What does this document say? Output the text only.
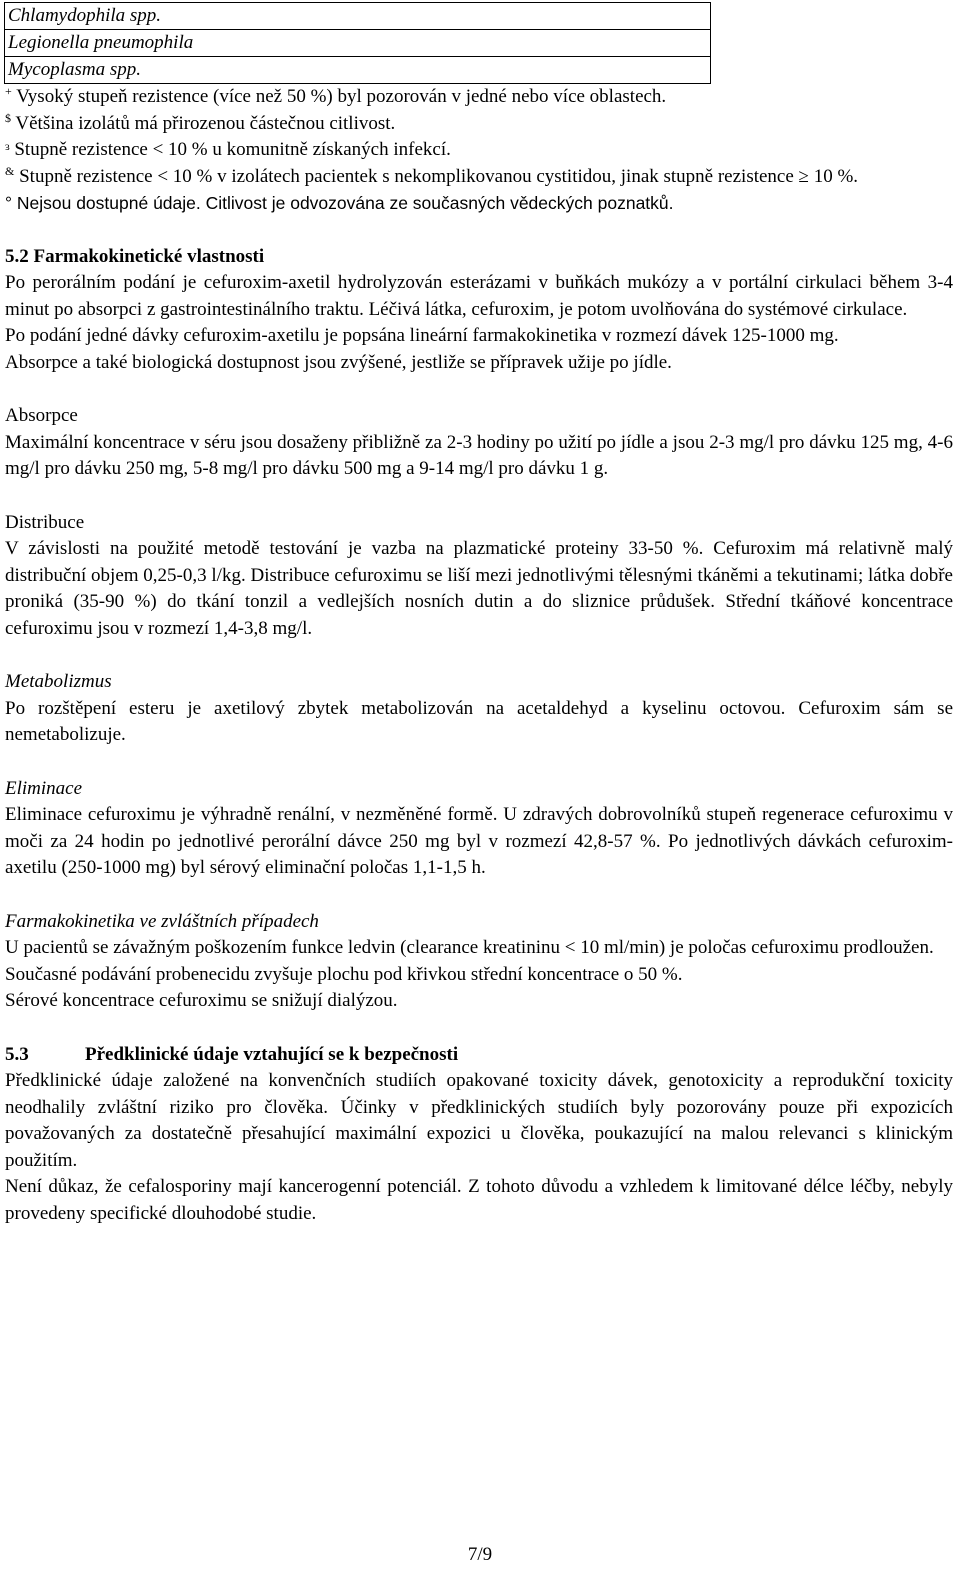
Chlamydophila spp.
Legionella pneumophila
Mycoplasma spp.

+ Vysoký stupeň rezistence (více než 50 %) byl pozorován v jedné nebo více oblastech.

$ Většina izolátů má přirozenou částečnou citlivost.

ᵌ Stupně rezistence < 10 % u komunitně získaných infekcí.

& Stupně rezistence < 10 % v izolátech pacientek s nekomplikovanou cystitidou, jinak stupně rezistence ≥ 10 %.

° Nejsou dostupné údaje. Citlivost je odvozována ze současných vědeckých poznatků.

5.2 Farmakokinetické vlastnosti

Po perorálním podání je cefuroxim-axetil hydrolyzován esterázami v buňkách mukózy a v portální cirkulaci během 3-4 minut po absorpci z gastrointestinálního traktu. Léčivá látka, cefuroxim, je potom uvolňována do systémové cirkulace.

Po podání jedné dávky cefuroxim-axetilu je popsána lineární farmakokinetika v rozmezí dávek 125-1000 mg.

Absorpce a také biologická dostupnost jsou zvýšené, jestliže se přípravek užije po jídle.

Absorpce

Maximální koncentrace v séru jsou dosaženy přibližně za 2-3 hodiny po užití po jídle a jsou 2-3 mg/l pro dávku 125 mg, 4-6 mg/l pro dávku 250 mg, 5-8 mg/l pro dávku 500 mg a 9-14 mg/l pro dávku 1 g.

Distribuce

V závislosti na použité metodě testování je vazba na plazmatické proteiny 33-50 %. Cefuroxim má relativně malý distribuční objem 0,25-0,3 l/kg. Distribuce cefuroximu se liší mezi jednotlivými tělesnými tkáněmi a tekutinami; látka dobře proniká (35-90 %) do tkání tonzil a vedlejších nosních dutin a do sliznice průdušek. Střední tkáňové koncentrace cefuroximu jsou v rozmezí 1,4-3,8 mg/l.

Metabolizmus

Po rozštěpení esteru je axetilový zbytek metabolizován na acetaldehyd a kyselinu octovou. Cefuroxim sám se nemetabolizuje.

Eliminace

Eliminace cefuroximu je výhradně renální, v nezměněné formě. U zdravých dobrovolníků stupeň regenerace cefuroximu v moči za 24 hodin po jednotlivé perorální dávce 250 mg byl v rozmezí 42,8-57 %. Po jednotlivých dávkách cefuroxim-axetilu (250-1000 mg) byl sérový eliminační poločas 1,1-1,5 h.

Farmakokinetika ve zvláštních případech

U pacientů se závažným poškozením funkce ledvin (clearance kreatininu < 10 ml/min) je poločas cefuroximu prodloužen.

Současné podávání probenecidu zvyšuje plochu pod křivkou střední koncentrace o 50 %.

Sérové koncentrace cefuroximu se snižují dialýzou.

5.3	Předklinické údaje vztahující se k bezpečnosti

Předklinické údaje založené na konvenčních studiích opakované toxicity dávek, genotoxicity a reprodukční toxicity neodhalily zvláštní riziko pro člověka. Účinky v předklinických studiích byly pozorovány pouze při expozicích považovaných za dostatečně přesahující maximální expozici u člověka, poukazující na malou relevanci s klinickým použitím.

Není důkaz, že cefalosporiny mají kancerogenní potenciál. Z tohoto důvodu a vzhledem k limitované délce léčby, nebyly provedeny specifické dlouhodobé studie.

7/9
